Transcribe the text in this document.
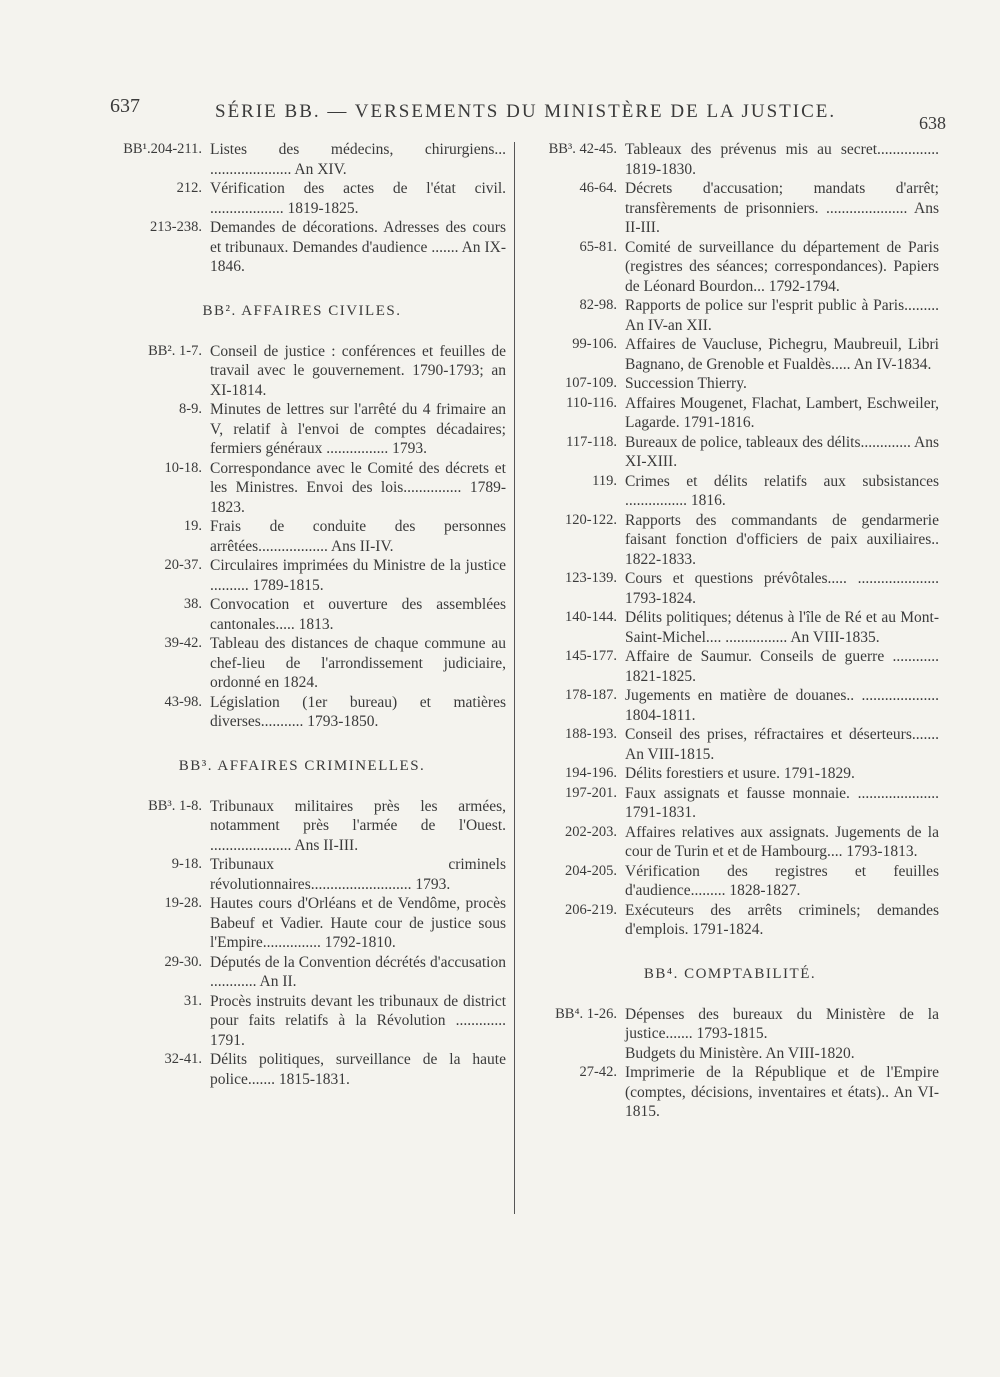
637	SÉRIE BB. — VERSEMENTS DU MINISTÈRE DE LA JUSTICE.
638
BB¹.204-211. Listes des médecins, chirurgiens... ..................... An XIV.
212. Vérification des actes de l'état civil. ................... 1819-1825.
213-238. Demandes de décorations. Adresses des cours et tribunaux. Demandes d'audience ....... An IX-1846.
BB². AFFAIRES CIVILES.
BB². 1-7. Conseil de justice : conférences et feuilles de travail avec le gouvernement. 1790-1793; an XI-1814.
8-9. Minutes de lettres sur l'arrêté du 4 frimaire an V, relatif à l'envoi de comptes décadaires; fermiers généraux ................ 1793.
10-18. Correspondance avec le Comité des décrets et les Ministres. Envoi des lois............... 1789-1823.
19. Frais de conduite des personnes arrêtées.................. Ans II-IV.
20-37. Circulaires imprimées du Ministre de la justice .......... 1789-1815.
38. Convocation et ouverture des assemblées cantonales..... 1813.
39-42. Tableau des distances de chaque commune au chef-lieu de l'arrondissement judiciaire, ordonné en 1824.
43-98. Législation (1er bureau) et matières diverses........... 1793-1850.
BB³. AFFAIRES CRIMINELLES.
BB³. 1-8. Tribunaux militaires près les armées, notamment près l'armée de l'Ouest. ..................... Ans II-III.
9-18. Tribunaux criminels révolutionnaires.......................... 1793.
19-28. Hautes cours d'Orléans et de Vendôme, procès Babeuf et Vadier. Haute cour de justice sous l'Empire............... 1792-1810.
29-30. Députés de la Convention décrétés d'accusation ............ An II.
31. Procès instruits devant les tribunaux de district pour faits relatifs à la Révolution ............. 1791.
32-41. Délits politiques, surveillance de la haute police....... 1815-1831.
BB³. 42-45. Tableaux des prévenus mis au secret................ 1819-1830.
46-64. Décrets d'accusation; mandats d'arrêt; transfèrements de prisonniers. ..................... Ans II-III.
65-81. Comité de surveillance du département de Paris (registres des séances; correspondances). Papiers de Léonard Bourdon... 1792-1794.
82-98. Rapports de police sur l'esprit public à Paris......... An IV-an XII.
99-106. Affaires de Vaucluse, Pichegru, Maubreuil, Libri Bagnano, de Grenoble et Fualdès..... An IV-1834.
107-109. Succession Thierry.
110-116. Affaires Mougenet, Flachat, Lambert, Eschweiler, Lagarde. 1791-1816.
117-118. Bureaux de police, tableaux des délits............. Ans XI-XIII.
119. Crimes et délits relatifs aux subsistances ................ 1816.
120-122. Rapports des commandants de gendarmerie faisant fonction d'officiers de paix auxiliaires.. 1822-1833.
123-139. Cours et questions prévôtales..... ..................... 1793-1824.
140-144. Délits politiques; détenus à l'île de Ré et au Mont-Saint-Michel.... ................ An VIII-1835.
145-177. Affaire de Saumur. Conseils de guerre ............ 1821-1825.
178-187. Jugements en matière de douanes.. .................... 1804-1811.
188-193. Conseil des prises, réfractaires et déserteurs....... An VIII-1815.
194-196. Délits forestiers et usure. 1791-1829.
197-201. Faux assignats et fausse monnaie. ..................... 1791-1831.
202-203. Affaires relatives aux assignats. Jugements de la cour de Turin et et de Hambourg.... 1793-1813.
204-205. Vérification des registres et feuilles d'audience......... 1828-1827.
206-219. Exécuteurs des arrêts criminels; demandes d'emplois. 1791-1824.
BB⁴. COMPTABILITÉ.
BB⁴. 1-26. Dépenses des bureaux du Ministère de la justice....... 1793-1815.
Budgets du Ministère. An VIII-1820.
27-42. Imprimerie de la République et de l'Empire (comptes, décisions, inventaires et états).. An VI-1815.
